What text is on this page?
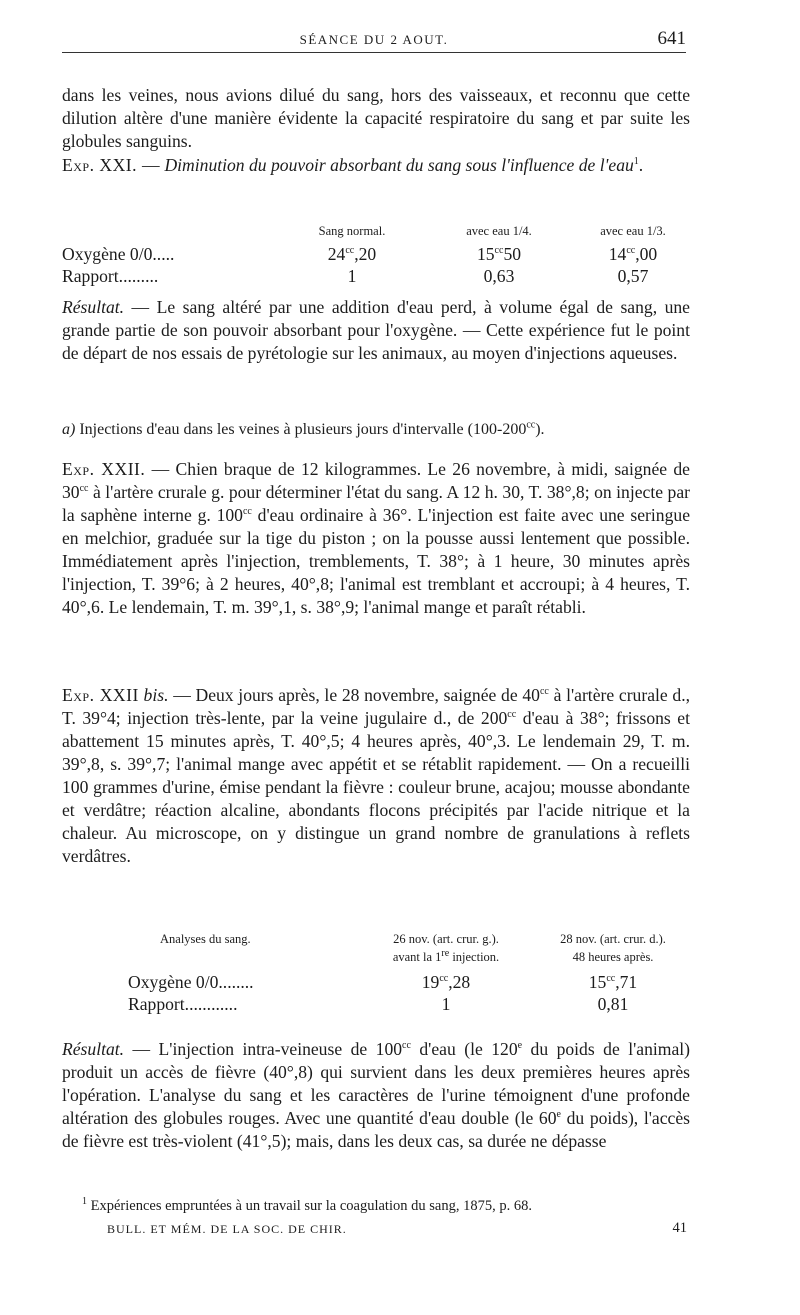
SÉANCE DU 2 AOUT.	641

dans les veines, nous avions dilué du sang, hors des vaisseaux, et reconnu que cette dilution altère d'une manière évidente la capacité respiratoire du sang et par suite les globules sanguins.

Exp. XXI. — Diminution du pouvoir absorbant du sang sous l'influence de l'eau$^1$.

Sang normal.	avec eau 1/4.	avec eau 1/3.
Oxygène 0/0.....	$24^{cc},20$	$15^{cc}50$	$14^{cc},00$
Rapport.........	1	0,63	0,57

Résultat. — Le sang altéré par une addition d'eau perd, à volume égal de sang, une grande partie de son pouvoir absorbant pour l'oxygène. — Cette expérience fut le point de départ de nos essais de pyrétologie sur les animaux, au moyen d'injections aqueuses.

a) Injections d'eau dans les veines à plusieurs jours d'intervalle $(100-200^{cc})$.

Exp. XXII. — Chien braque de 12 kilogrammes. Le 26 novembre, à midi, saignée de $30^{cc}$ à l'artère crurale g. pour déterminer l'état du sang. A 12 h. 30, T. 38°,8; on injecte par la saphène interne g. $100^{cc}$ d'eau ordinaire à 36°. L'injection est faite avec une seringue en melchior, graduée sur la tige du piston ; on la pousse aussi lentement que possible. Immédiatement après l'injection, tremblements, T. 38°; à 1 heure, 30 minutes après l'injection, T. 39°6; à 2 heures, 40°,8; l'animal est tremblant et accroupi; à 4 heures, T. 40°,6. Le lendemain, T. m. 39°,1, s. 38°,9; l'animal mange et paraît rétabli.

Exp. XXII bis. — Deux jours après, le 28 novembre, saignée de $40^{cc}$ à l'artère crurale d., T. 39°4; injection très-lente, par la veine jugulaire d., de $200^{cc}$ d'eau à 38°; frissons et abattement 15 minutes après, T. 40°,5; 4 heures après, 40°,3. Le lendemain 29, T. m. 39°,8, s. 39°,7; l'animal mange avec appétit et se rétablit rapidement. — On a recueilli 100 grammes d'urine, émise pendant la fièvre : couleur brune, acajou; mousse abondante et verdâtre; réaction alcaline, abondants flocons précipités par l'acide nitrique et la chaleur. Au microscope, on y distingue un grand nombre de granulations à reflets verdâtres.

Analyses du sang.	26 nov. (art. crur. g.).	28 nov. (art. crur. d.).
avant la 1re injection.	48 heures après.
Oxygène 0/0........	$19^{cc},28$	$15^{cc},71$
Rapport............	1	0,81

Résultat. — L'injection intra-veineuse de $100^{cc}$ d'eau (le 120e du poids de l'animal) produit un accès de fièvre (40°,8) qui survient dans les deux premières heures après l'opération. L'analyse du sang et les caractères de l'urine témoignent d'une profonde altération des globules rouges. Avec une quantité d'eau double (le 60e du poids), l'accès de fièvre est très-violent (41°,5); mais, dans les deux cas, sa durée ne dépasse

$^1$ Expériences empruntées à un travail sur la coagulation du sang, 1875, p. 68.
BULL. ET MÉM. DE LA SOC. DE CHIR.	41
